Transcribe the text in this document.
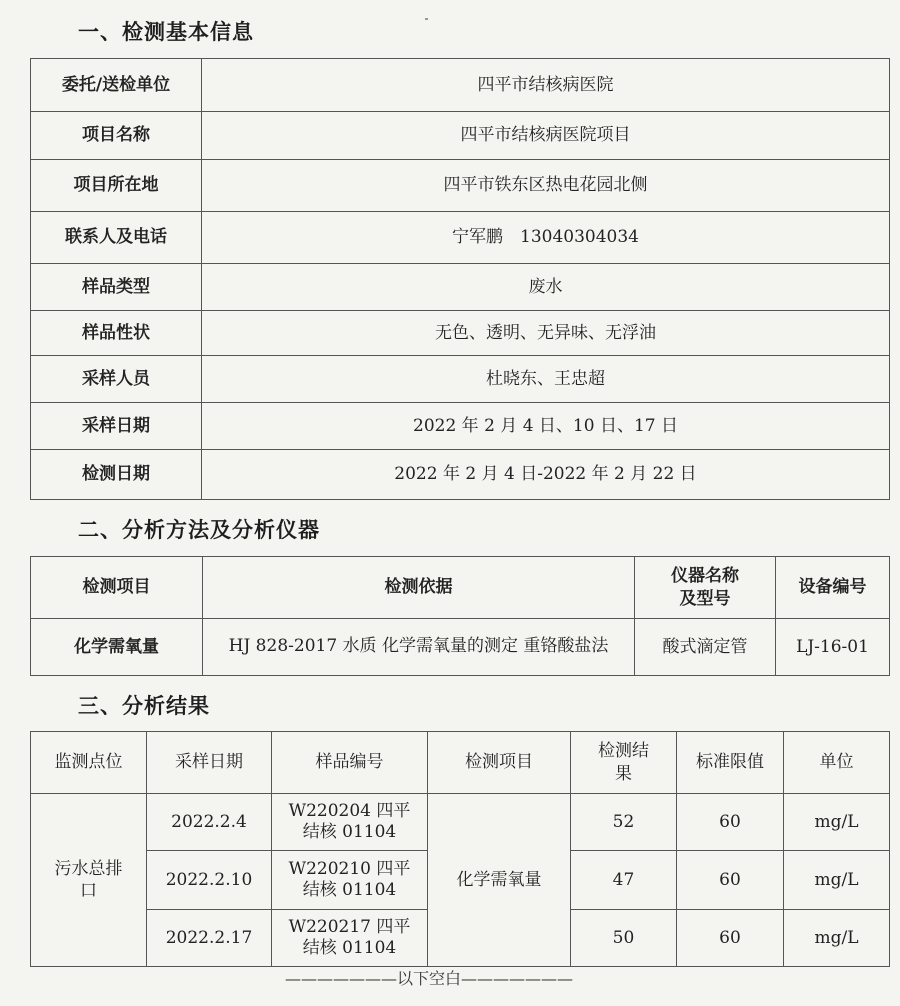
一、检测基本信息
委托/送检单位	四平市结核病医院
项目名称	四平市结核病医院项目
项目所在地	四平市铁东区热电花园北侧
联系人及电话	宁军鹏　13040304034
样品类型	废水
样品性状	无色、透明、无异味、无浮油
采样人员	杜晓东、王忠超
采样日期	2022 年 2 月 4 日、10 日、17 日
检测日期	2022 年 2 月 4 日-2022 年 2 月 22 日
二、分析方法及分析仪器
检测项目	检测依据	仪器名称
及型号	设备编号
化学需氧量	HJ 828-2017 水质 化学需氧量的测定 重铬酸盐法	酸式滴定管	LJ-16-01
三、分析结果
监测点位	采样日期	样品编号	检测项目	检测结
果	标准限值	单位
污水总排
口	2022.2.4	W220204 四平
结核 01104	化学需氧量	52	60	mg/L
	2022.2.10	W220210 四平
结核 01104		47	60	mg/L
	2022.2.17	W220217 四平
结核 01104		50	60	mg/L
———————以下空白———————
